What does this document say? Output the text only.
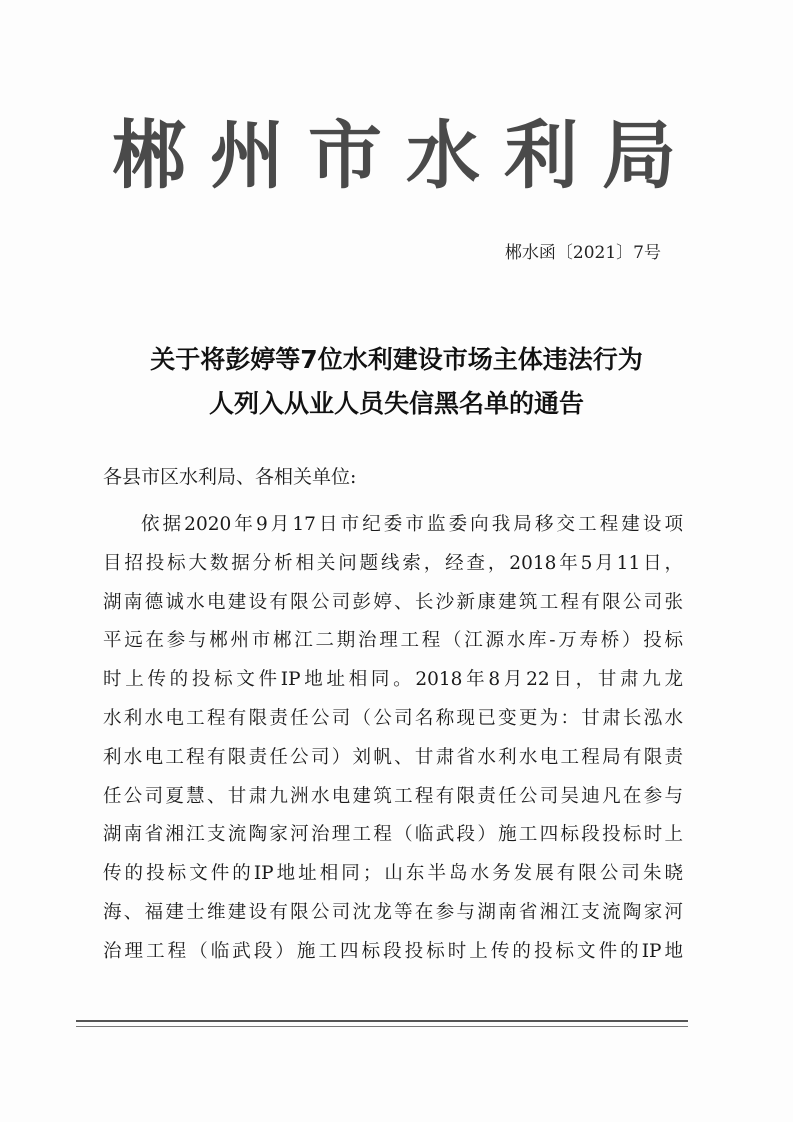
郴州市水利局
郴水函〔2021〕7号
关于将彭婷等7位水利建设市场主体违法行为
人列入从业人员失信黑名单的通告
各县市区水利局、各相关单位:
依据2020年9月17日市纪委市监委向我局移交工程建设项
目招投标大数据分析相关问题线索，经查，2018年5月11日，
湖南德诚水电建设有限公司彭婷、长沙新康建筑工程有限公司张
平远在参与郴州市郴江二期治理工程（江源水库-万寿桥）投标
时上传的投标文件IP地址相同。2018年8月22日，甘肃九龙
水利水电工程有限责任公司（公司名称现已变更为：甘肃长泓水
利水电工程有限责任公司）刘帆、甘肃省水利水电工程局有限责
任公司夏慧、甘肃九洲水电建筑工程有限责任公司吴迪凡在参与
湖南省湘江支流陶家河治理工程（临武段）施工四标段投标时上
传的投标文件的IP地址相同；山东半岛水务发展有限公司朱晓
海、福建士维建设有限公司沈龙等在参与湖南省湘江支流陶家河
治理工程（临武段）施工四标段投标时上传的投标文件的IP地
